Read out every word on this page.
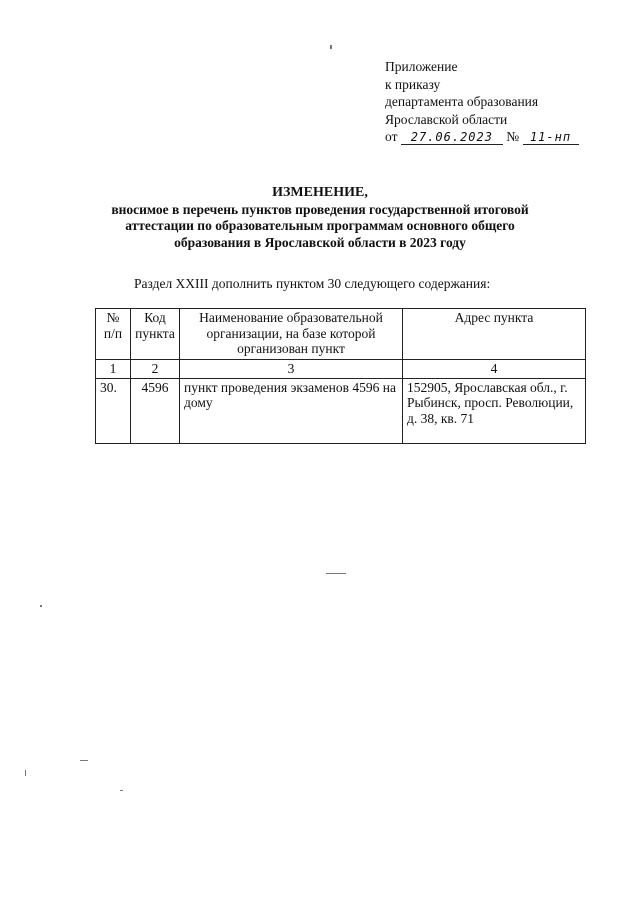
Приложение
к приказу
департамента образования
Ярославской области
от 27.06.2023 № 11-нп
ИЗМЕНЕНИЕ,
вносимое в перечень пунктов проведения государственной итоговой
аттестации по образовательным программам основного общего
образования в Ярославской области в 2023 году
Раздел XXIII дополнить пунктом 30 следующего содержания:
№ п/п	Код пункта	Наименование образовательной организации, на базе которой организован пункт	Адрес пункта
1	2	3	4
30.	4596	пункт проведения экзаменов 4596 на дому	152905, Ярославская обл., г. Рыбинск, просп. Революции, д. 38, кв. 71
